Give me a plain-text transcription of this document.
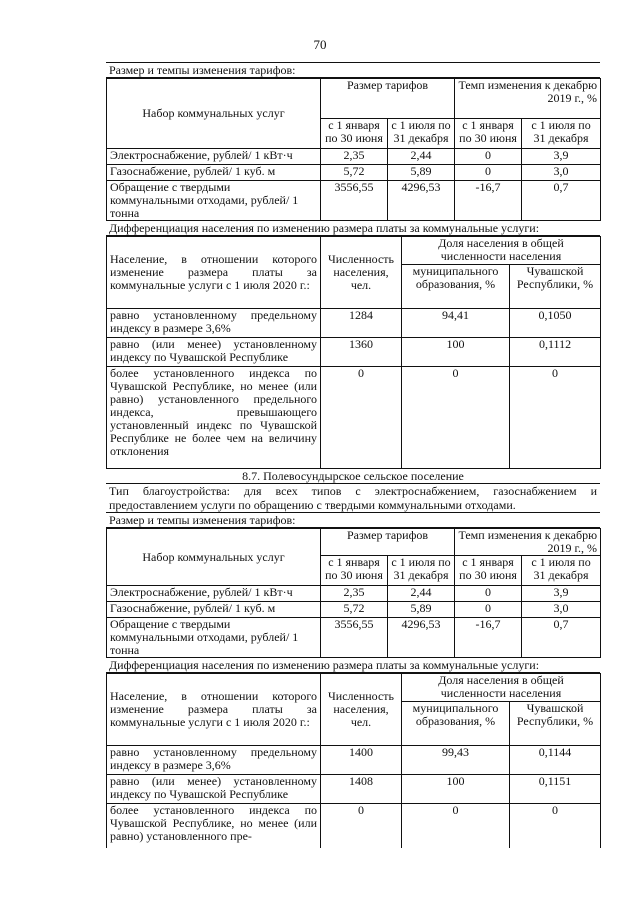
70
Размер и темпы изменения тарифов:
Набор коммунальных услуг	Размер тарифов		Темп изменения к декабрю 2019 г., %	
	с 1 января по 30 июня	с 1 июля по 31 декабря	с 1 января по 30 июня	с 1 июля по 31 декабря
Электроснабжение, рублей/ 1 кВт·ч	2,35	2,44	0	3,9
Газоснабжение, рублей/ 1 куб. м	5,72	5,89	0	3,0
Обращение с твердыми коммунальными отходами, рублей/ 1 тонна	3556,55	4296,53	-16,7	0,7
Дифференциация населения по изменению размера платы за коммунальные услуги:
Население, в отношении которого изменение размера платы за коммунальные услуги с 1 июля 2020 г.:	Численность населения, чел.	Доля населения в общей численности населения	
		муниципального образования, %	Чувашской Республики, %
равно установленному предельному индексу в размере 3,6%	1284	94,41	0,1050
равно (или менее) установленному индексу по Чувашской Республике	1360	100	0,1112
более установленного индекса по Чувашской Республике, но менее (или равно) установленного предельного индекса, превышающего установленный индекс по Чувашской Республике не более чем на величину отклонения	0	0	0
8.7. Полевосундырское сельское поселение
Тип благоустройства: для всех типов с электроснабжением, газоснабжением и предоставлением услуги по обращению с твердыми коммунальными отходами.
Размер и темпы изменения тарифов:
Набор коммунальных услуг	Размер тарифов		Темп изменения к декабрю 2019 г., %	
	с 1 января по 30 июня	с 1 июля по 31 декабря	с 1 января по 30 июня	с 1 июля по 31 декабря
Электроснабжение, рублей/ 1 кВт·ч	2,35	2,44	0	3,9
Газоснабжение, рублей/ 1 куб. м	5,72	5,89	0	3,0
Обращение с твердыми коммунальными отходами, рублей/ 1 тонна	3556,55	4296,53	-16,7	0,7
Дифференциация населения по изменению размера платы за коммунальные услуги:
Население, в отношении которого изменение размера платы за коммунальные услуги с 1 июля 2020 г.:	Численность населения, чел.	Доля населения в общей численности населения	
		муниципального образования, %	Чувашской Республики, %
равно установленному предельному индексу в размере 3,6%	1400	99,43	0,1144
равно (или менее) установленному индексу по Чувашской Республике	1408	100	0,1151
более установленного индекса по Чувашской Республике, но менее (или равно) установленного пре-	0	0	0
